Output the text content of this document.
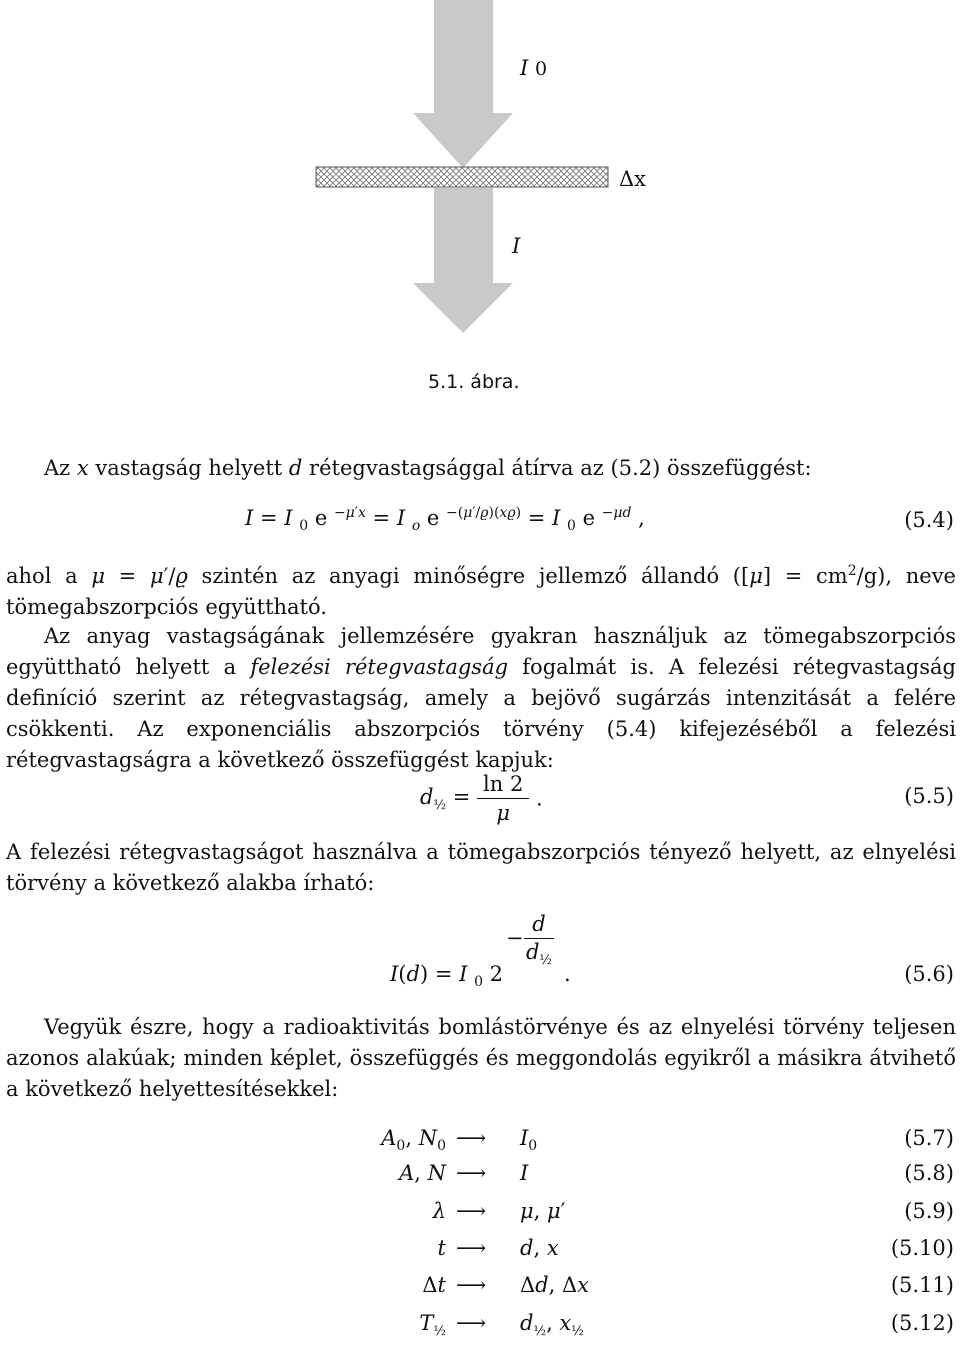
I 0
Δx
I
5.1. ábra.
Az x vastagság helyett d rétegvastagsággal átírva az (5.2) összefüggést:
I = I $_0$ e $^{-\mu'x}$ = I $_o$ e $^{-(\mu'/ϱ)(xϱ)}$ = I $_0$ e $^{-\mu d}$ ,	(5.4)
ahol a μ = μ′/ϱ szintén az anyagi minőségre jellemző állandó $([\mu] = cm^2/g)$, neve tömegabszorpciós együttható.
Az anyag vastagságának jellemzésére gyakran használjuk az tömegabszorpciós együttható helyett a felezési rétegvastagság fogalmát is. A felezési rétegvastagság definíció szerint az rétegvastagság, amely a bejövő sugárzás intenzitását a felére csökkenti. Az exponenciális abszorpciós törvény (5.4) kifejezéséből a felezési rétegvastagságra a következő összefüggést kapjuk:
$d_{\frac{1}{2}} = \frac{\ln 2}{\mu}$ .	(5.5)
A felezési rétegvastagságot használva a tömegabszorpciós tényező helyett, az elnyelési törvény a következő alakba írható:
I(d) = I $_0$ 2
−
d
$d_{\frac{1}{2}}$
.	(5.6)
Vegyük észre, hogy a radioaktivitás bomlástörvénye és az elnyelési törvény teljesen azonos alakúak; minden képlet, összefüggés és meggondolás egyikről a másikra átvihető a következő helyettesítésekkel:
$A_0$, $N_0$ ⟶ $I_0$	(5.7)
A, N ⟶ I	(5.8)
λ ⟶ μ, μ′	(5.9)
t ⟶ d, x	(5.10)
Δt ⟶ Δd, Δx	(5.11)
$T_{\frac{1}{2}}$ ⟶ $d_{\frac{1}{2}}$, $x_{\frac{1}{2}}$	(5.12)
